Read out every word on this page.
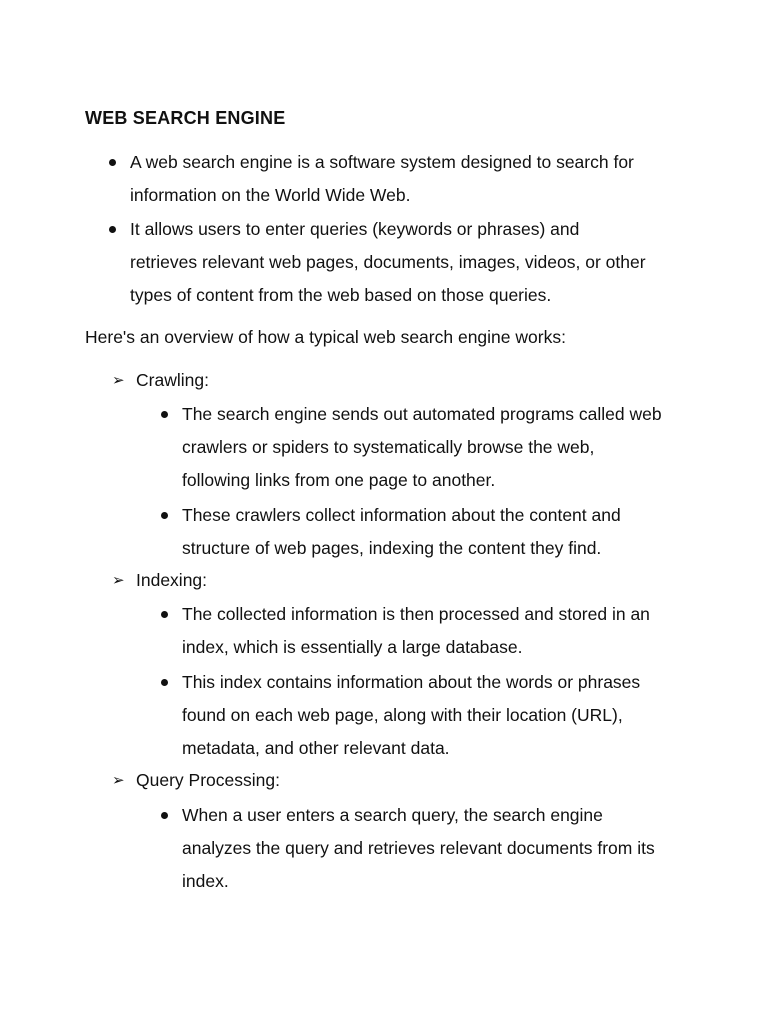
WEB SEARCH ENGINE

A web search engine is a software system designed to search for

information on the World Wide Web.

It allows users to enter queries (keywords or phrases) and

retrieves relevant web pages, documents, images, videos, or other

types of content from the web based on those queries.

Here's an overview of how a typical web search engine works:

➢ Crawling:

The search engine sends out automated programs called web

crawlers or spiders to systematically browse the web,

following links from one page to another.

These crawlers collect information about the content and

structure of web pages, indexing the content they find.

➢ Indexing:

The collected information is then processed and stored in an

index, which is essentially a large database.

This index contains information about the words or phrases

found on each web page, along with their location (URL),

metadata, and other relevant data.

➢ Query Processing:

When a user enters a search query, the search engine

analyzes the query and retrieves relevant documents from its

index.
